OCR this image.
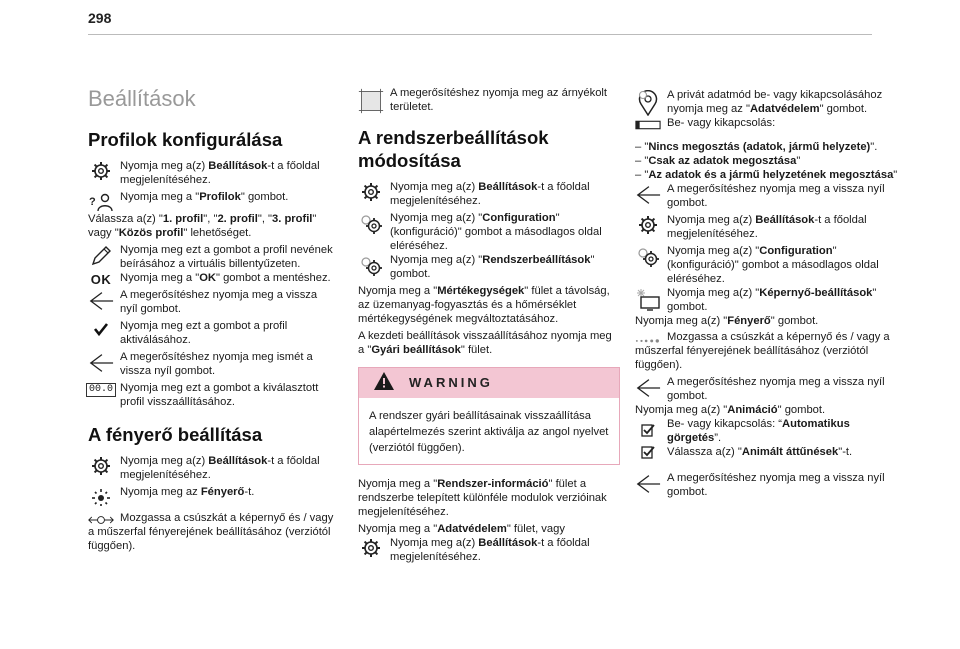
298
Beállítások
Profilok konfigurálása
Nyomja meg a(z) Beállítások-t a főoldal megjelenítéséhez.
? Nyomja meg a "Profilok" gombot.
Válassza a(z) "1. profil", "2. profil", "3. profil" vagy "Közös profil" lehetőséget.
Nyomja meg ezt a gombot a profil nevének beírásához a virtuális billentyűzeten.
OK Nyomja meg a "OK" gombot a mentéshez.
A megerősítéshez nyomja meg a vissza nyíl gombot.
Nyomja meg ezt a gombot a profil aktiválásához.
A megerősítéshez nyomja meg ismét a vissza nyíl gombot.
00.0 Nyomja meg ezt a gombot a kiválasztott profil visszaállításához.
A fényerő beállítása
Nyomja meg a(z) Beállítások-t a főoldal megjelenítéséhez.
Nyomja meg az Fényerő-t.
Mozgassa a csúszkát a képernyő és / vagy a műszerfal fényerejének beállításához (verziótól függően).
A megerősítéshez nyomja meg az árnyékolt területet.
A rendszerbeállítások módosítása
Nyomja meg a(z) Beállítások-t a főoldal megjelenítéséhez.
Nyomja meg a(z) "Configuration" (konfiguráció)" gombot a másodlagos oldal eléréséhez.
Nyomja meg a(z) "Rendszerbeállítások" gombot.
Nyomja meg a "Mértékegységek" fület a távolság, az üzemanyag-fogyasztás és a hőmérséklet mértékegységének megváltoztatásához.
A kezdeti beállítások visszaállításához nyomja meg a "Gyári beállítások" fület.
WARNING
A rendszer gyári beállításainak visszaállítása alapértelmezés szerint aktiválja az angol nyelvet (verziótól függően).
Nyomja meg a "Rendszer-információ" fület a rendszerbe telepített különféle modulok verzióinak megjelenítéséhez.
Nyomja meg a "Adatvédelem" fület, vagy
Nyomja meg a(z) Beállítások-t a főoldal megjelenítéséhez.
A privát adatmód be- vagy kikapcsolásához nyomja meg az "Adatvédelem" gombot.
Be- vagy kikapcsolás:
– "Nincs megosztás (adatok, jármű helyzete)".
– "Csak az adatok megosztása"
– "Az adatok és a jármű helyzetének megosztása"
A megerősítéshez nyomja meg a vissza nyíl gombot.
Nyomja meg a(z) Beállítások-t a főoldal megjelenítéséhez.
Nyomja meg a(z) "Configuration" (konfiguráció)" gombot a másodlagos oldal eléréséhez.
Nyomja meg a(z) "Képernyő-beállítások" gombot.
Nyomja meg a(z) "Fényerő" gombot.
Mozgassa a csúszkát a képernyő és / vagy a műszerfal fényerejének beállításához (verziótól függően).
A megerősítéshez nyomja meg a vissza nyíl gombot.
Nyomja meg a(z) "Animáció" gombot.
Be- vagy kikapcsolás: “Automatikus görgetés”.
Válassza a(z) "Animált áttűnések"-t.
A megerősítéshez nyomja meg a vissza nyíl gombot.
